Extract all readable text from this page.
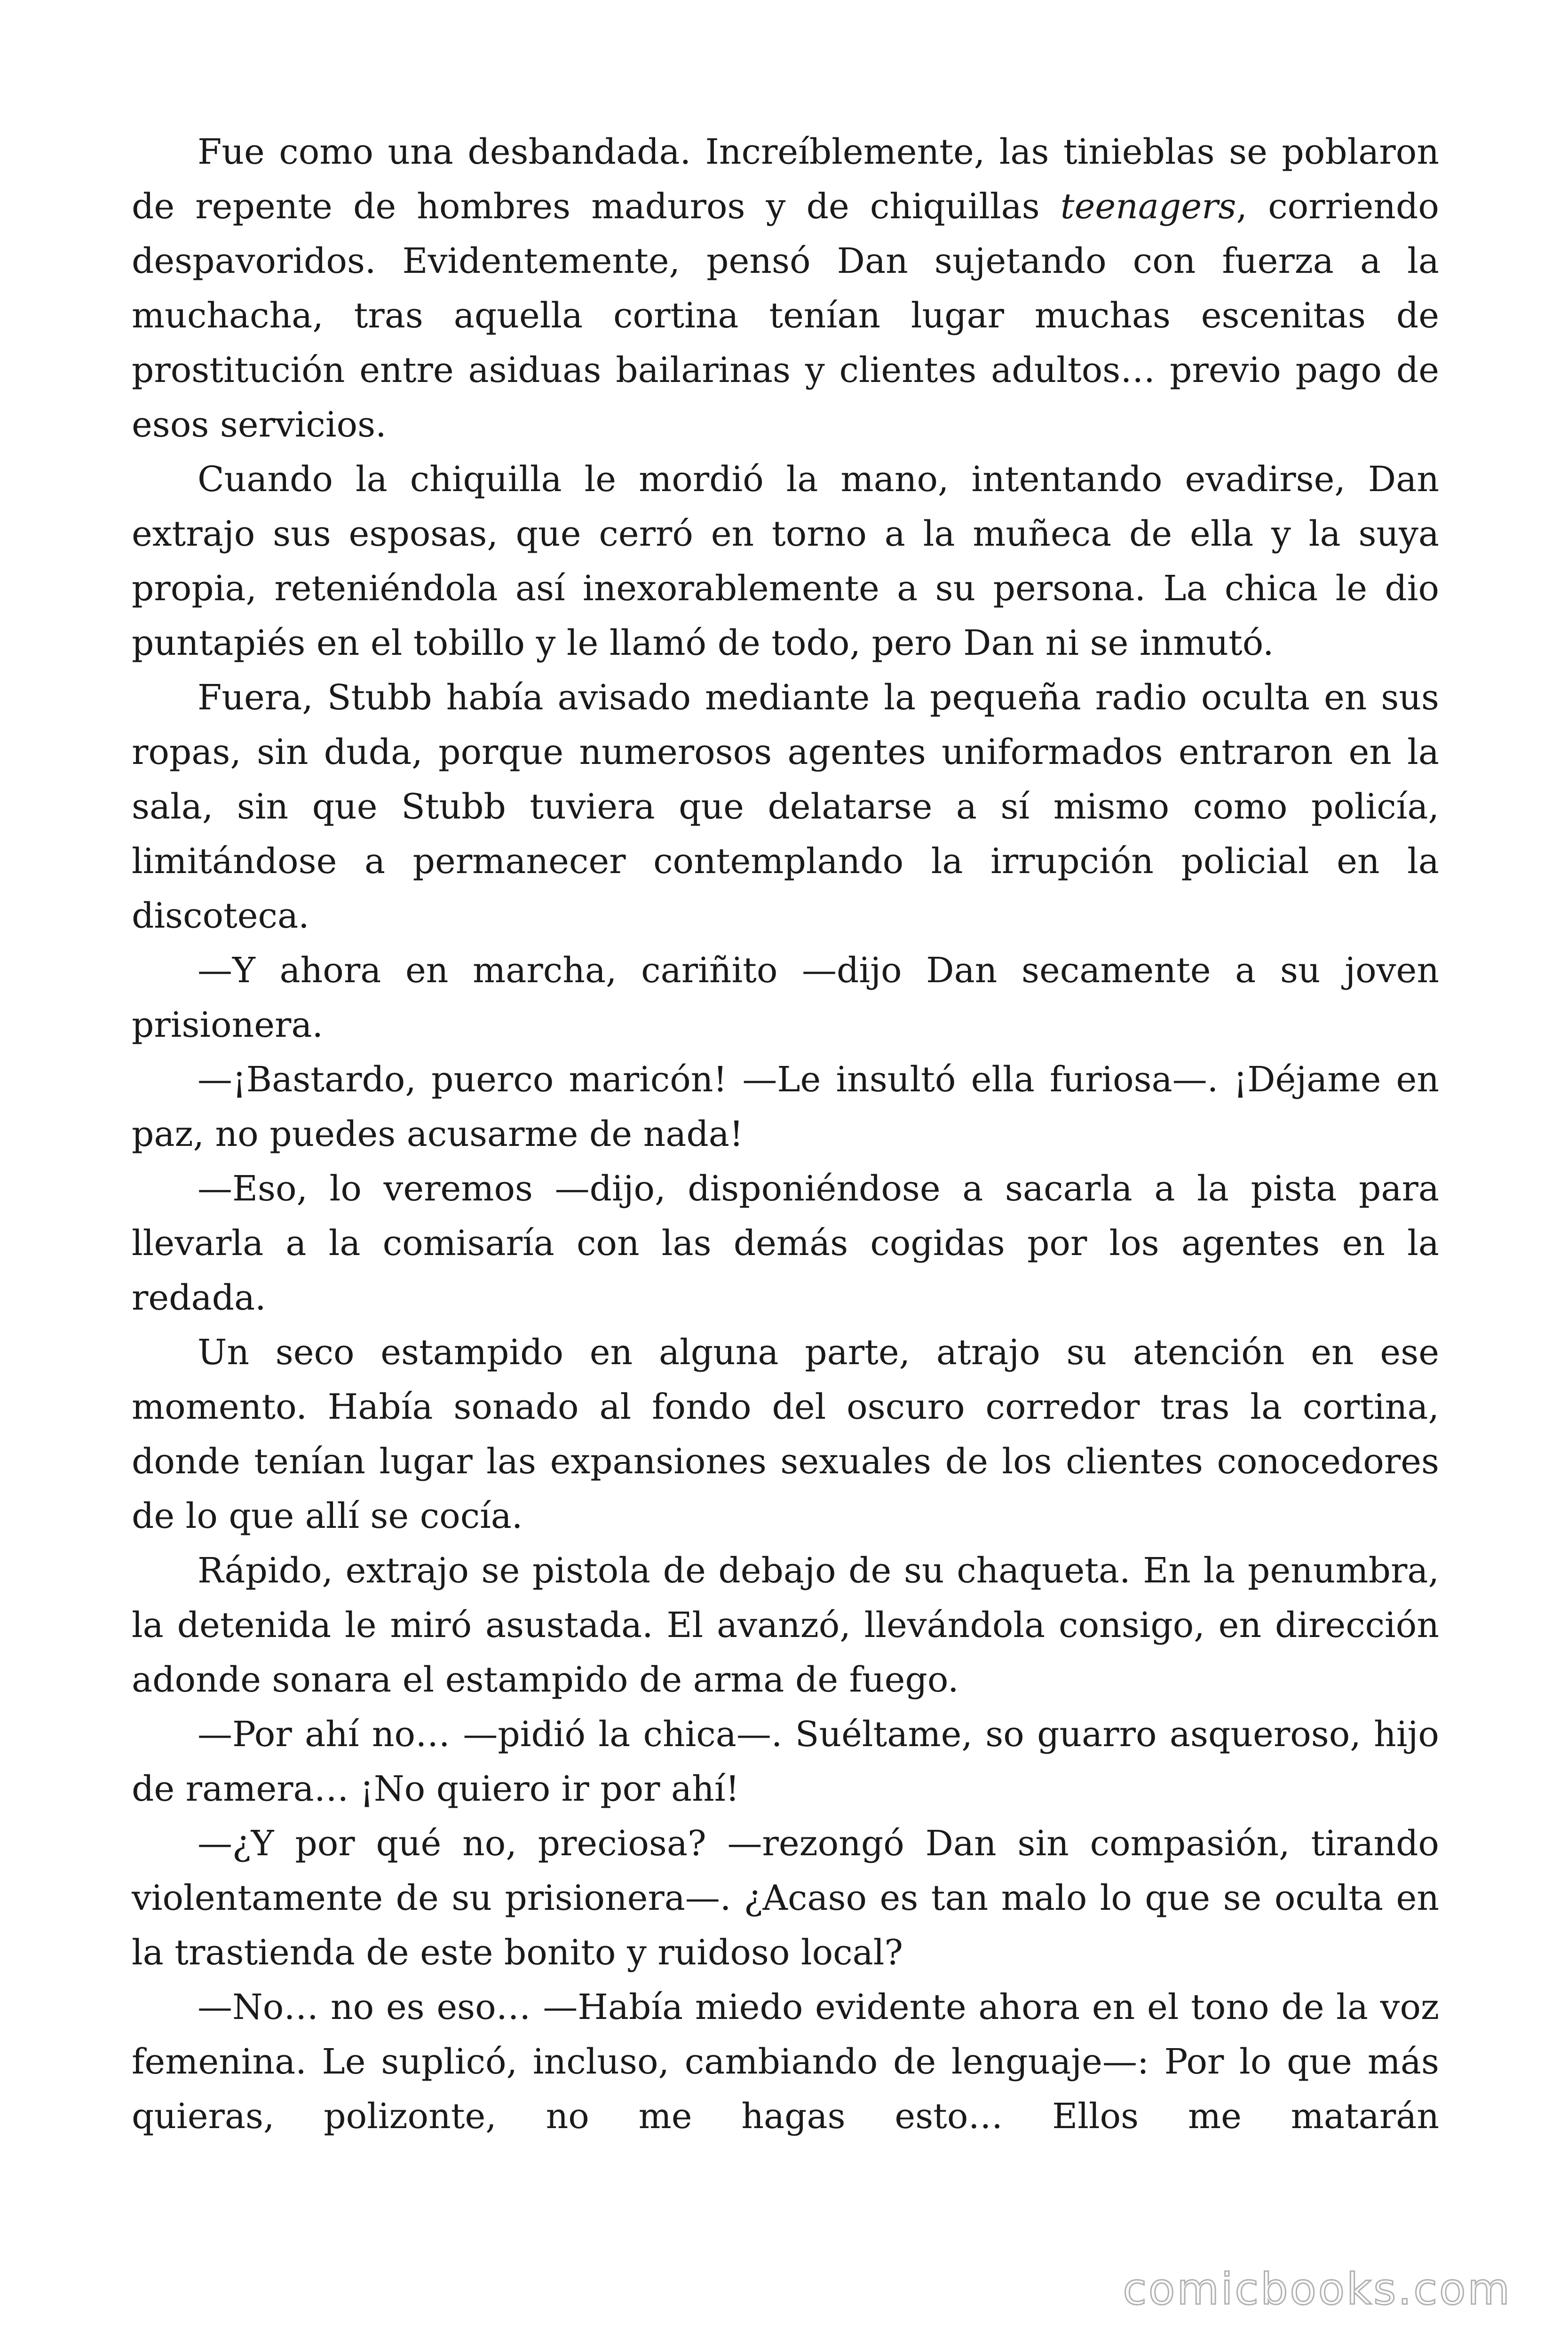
Fue como una desbandada. Increíblemente, las tinieblas se poblaron de repente de hombres maduros y de chiquillas teenagers, corriendo despavoridos. Evidentemente, pensó Dan sujetando con fuerza a la muchacha, tras aquella cortina tenían lugar muchas escenitas de prostitución entre asiduas bailarinas y clientes adultos… previo pago de esos servicios.

Cuando la chiquilla le mordió la mano, intentando evadirse, Dan extrajo sus esposas, que cerró en torno a la muñeca de ella y la suya propia, reteniéndola así inexorablemente a su persona. La chica le dio puntapiés en el tobillo y le llamó de todo, pero Dan ni se inmutó.

Fuera, Stubb había avisado mediante la pequeña radio oculta en sus ropas, sin duda, porque numerosos agentes uniformados entraron en la sala, sin que Stubb tuviera que delatarse a sí mismo como policía, limitándose a permanecer contemplando la irrupción policial en la discoteca.

—Y ahora en marcha, cariñito —dijo Dan secamente a su joven prisionera.

—¡Bastardo, puerco maricón! —Le insultó ella furiosa—. ¡Déjame en paz, no puedes acusarme de nada!

—Eso, lo veremos —dijo, disponiéndose a sacarla a la pista para llevarla a la comisaría con las demás cogidas por los agentes en la redada.

Un seco estampido en alguna parte, atrajo su atención en ese momento. Había sonado al fondo del oscuro corredor tras la cortina, donde tenían lugar las expansiones sexuales de los clientes conocedores de lo que allí se cocía.

Rápido, extrajo se pistola de debajo de su chaqueta. En la penumbra, la detenida le miró asustada. El avanzó, llevándola consigo, en dirección adonde sonara el estampido de arma de fuego.

—Por ahí no… —pidió la chica—. Suéltame, so guarro asqueroso, hijo de ramera… ¡No quiero ir por ahí!

—¿Y por qué no, preciosa? —rezongó Dan sin compasión, tirando violentamente de su prisionera—. ¿Acaso es tan malo lo que se oculta en la trastienda de este bonito y ruidoso local?

—No… no es eso… —Había miedo evidente ahora en el tono de la voz femenina. Le suplicó, incluso, cambiando de lenguaje—: Por lo que más quieras, polizonte, no me hagas esto… Ellos me matarán

comicbooks.com
